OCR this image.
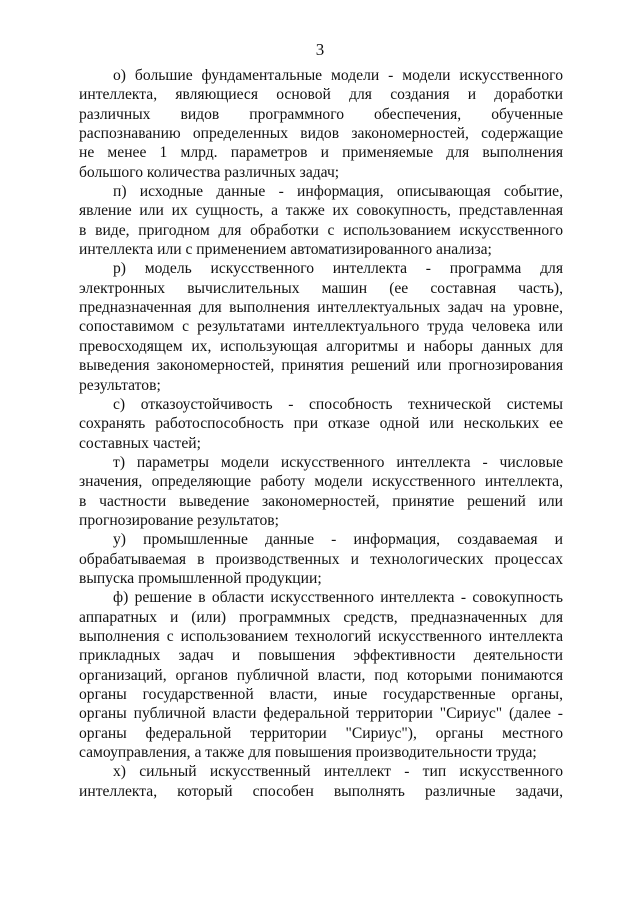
3
о) большие фундаментальные модели - модели искусственного
интеллекта, являющиеся основой для создания и доработки
различных видов программного обеспечения, обученные
распознаванию определенных видов закономерностей, содержащие
не менее 1 млрд. параметров и применяемые для выполнения
большого количества различных задач;
п) исходные данные - информация, описывающая событие,
явление или их сущность, а также их совокупность, представленная
в виде, пригодном для обработки с использованием искусственного
интеллекта или с применением автоматизированного анализа;
р) модель искусственного интеллекта - программа для
электронных вычислительных машин (ее составная часть),
предназначенная для выполнения интеллектуальных задач на уровне,
сопоставимом с результатами интеллектуального труда человека или
превосходящем их, использующая алгоритмы и наборы данных для
выведения закономерностей, принятия решений или прогнозирования
результатов;
с) отказоустойчивость - способность технической системы
сохранять работоспособность при отказе одной или нескольких ее
составных частей;
т) параметры модели искусственного интеллекта - числовые
значения, определяющие работу модели искусственного интеллекта,
в частности выведение закономерностей, принятие решений или
прогнозирование результатов;
у) промышленные данные - информация, создаваемая и
обрабатываемая в производственных и технологических процессах
выпуска промышленной продукции;
ф) решение в области искусственного интеллекта - совокупность
аппаратных и (или) программных средств, предназначенных для
выполнения с использованием технологий искусственного интеллекта
прикладных задач и повышения эффективности деятельности
организаций, органов публичной власти, под которыми понимаются
органы государственной власти, иные государственные органы,
органы публичной власти федеральной территории "Сириус" (далее -
органы федеральной территории "Сириус"), органы местного
самоуправления, а также для повышения производительности труда;
х) сильный искусственный интеллект - тип искусственного
интеллекта, который способен выполнять различные задачи,
